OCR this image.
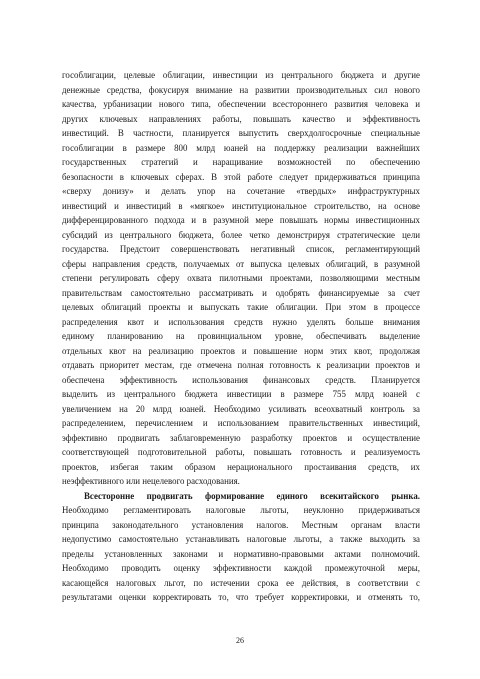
гособлигации, целевые облигации, инвестиции из центрального бюджета и другие

денежные средства, фокусируя внимание на развитии производительных сил нового

качества, урбанизации нового типа, обеспечении всестороннего развития человека и

других ключевых направлениях работы, повышать качество и эффективность

инвестиций. В частности, планируется выпустить сверхдолгосрочные специальные

гособлигации в размере 800 млрд юаней на поддержку реализации важнейших

государственных стратегий и наращивание возможностей по обеспечению

безопасности в ключевых сферах. В этой работе следует придерживаться принципа

«сверху донизу» и делать упор на сочетание «твердых» инфраструктурных

инвестиций и инвестиций в «мягкое» институциональное строительство, на основе

дифференцированного подхода и в разумной мере повышать нормы инвестиционных

субсидий из центрального бюджета, более четко демонстрируя стратегические цели

государства. Предстоит совершенствовать негативный список, регламентирующий

сферы направления средств, получаемых от выпуска целевых облигаций, в разумной

степени регулировать сферу охвата пилотными проектами, позволяющими местным

правительствам самостоятельно рассматривать и одобрять финансируемые за счет

целевых облигаций проекты и выпускать такие облигации. При этом в процессе

распределения квот и использования средств нужно уделять больше внимания

единому планированию на провинциальном уровне, обеспечивать выделение

отдельных квот на реализацию проектов и повышение норм этих квот, продолжая

отдавать приоритет местам, где отмечена полная готовность к реализации проектов и

обеспечена эффективность использования финансовых средств. Планируется

выделить из центрального бюджета инвестиции в размере 755 млрд юаней с

увеличением на 20 млрд юаней. Необходимо усиливать всеохватный контроль за

распределением, перечислением и использованием правительственных инвестиций,

эффективно продвигать заблаговременную разработку проектов и осуществление

соответствующей подготовительной работы, повышать готовность и реализуемость

проектов, избегая таким образом нерационального простаивания средств, их

неэффективного или нецелевого расходования.

Всесторонне продвигать формирование единого всекитайского рынка.

Необходимо регламентировать налоговые льготы, неуклонно придерживаться

принципа законодательного установления налогов. Местным органам власти

недопустимо самостоятельно устанавливать налоговые льготы, а также выходить за

пределы установленных законами и нормативно-правовыми актами полномочий.

Необходимо проводить оценку эффективности каждой промежуточной меры,

касающейся налоговых льгот, по истечении срока ее действия, в соответствии с

результатами оценки корректировать то, что требует корректировки, и отменять то,

26
